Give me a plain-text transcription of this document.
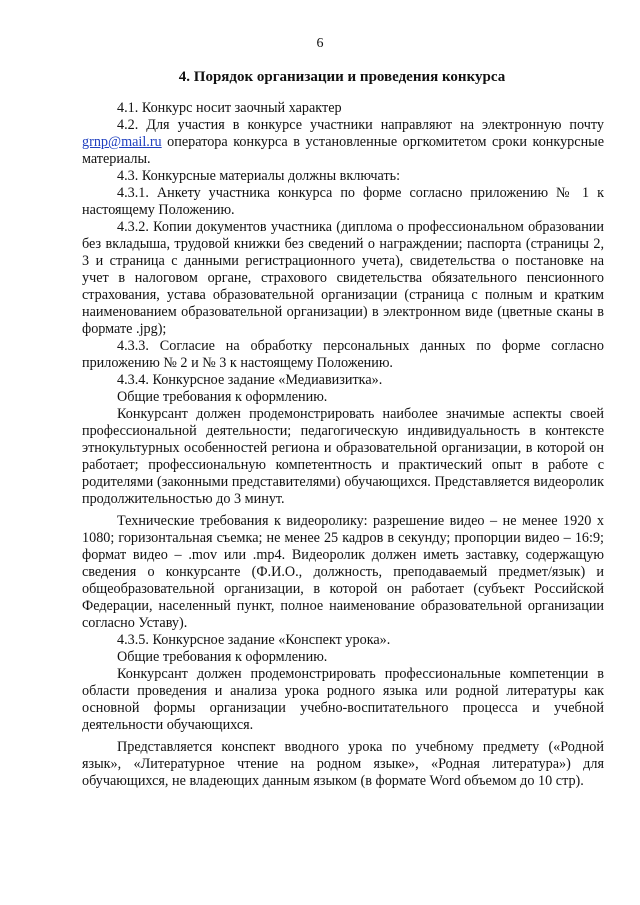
6
4. Порядок организации и проведения конкурса

4.1. Конкурс носит заочный характер

4.2. Для участия в конкурсе участники направляют на электронную почту grnp@mail.ru оператора конкурса в установленные оргкомитетом сроки конкурсные материалы.

4.3. Конкурсные материалы должны включать:

4.3.1. Анкету участника конкурса по форме согласно приложению № 1 к настоящему Положению.

4.3.2. Копии документов участника (диплома о профессиональном образовании без вкладыша, трудовой книжки без сведений о награждении; паспорта (страницы 2, 3 и страница с данными регистрационного учета), свидетельства о постановке на учет в налоговом органе, страхового свидетельства обязательного пенсионного страхования, устава образовательной организации (страница с полным и кратким наименованием образовательной организации) в электронном виде (цветные сканы в формате .jpg);

4.3.3. Согласие на обработку персональных данных по форме согласно приложению № 2 и № 3 к настоящему Положению.

4.3.4. Конкурсное задание «Медиавизитка».

Общие требования к оформлению.

Конкурсант должен продемонстрировать наиболее значимые аспекты своей профессиональной деятельности; педагогическую индивидуальность в контексте этнокультурных особенностей региона и образовательной организации, в которой он работает; профессиональную компетентность и практический опыт в работе с родителями (законными представителями) обучающихся. Представляется видеоролик продолжительностью до 3 минут.

Технические требования к видеоролику: разрешение видео – не менее 1920 х 1080; горизонтальная съемка; не менее 25 кадров в секунду; пропорции видео – 16:9; формат видео – .mov или .mp4. Видеоролик должен иметь заставку, содержащую сведения о конкурсанте (Ф.И.О., должность, преподаваемый предмет/язык) и общеобразовательной организации, в которой он работает (субъект Российской Федерации, населенный пункт, полное наименование образовательной организации согласно Уставу).

4.3.5. Конкурсное задание «Конспект урока».

Общие требования к оформлению.

Конкурсант должен продемонстрировать профессиональные компетенции в области проведения и анализа урока родного языка или родной литературы как основной формы организации учебно-воспитательного процесса и учебной деятельности обучающихся.

Представляется конспект вводного урока по учебному предмету («Родной язык», «Литературное чтение на родном языке», «Родная литература») для обучающихся, не владеющих данным языком (в формате Word объемом до 10 стр).
